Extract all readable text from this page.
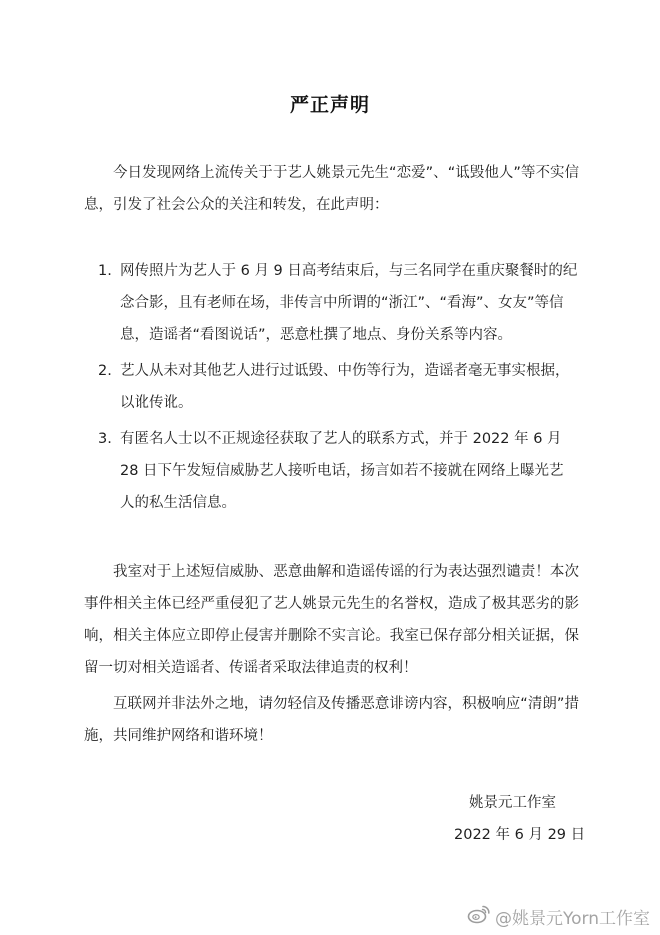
严正声明

今日发现网络上流传关于于艺人姚景元先生“恋爱”、“诋毁他人”等不实信息，引发了社会公众的关注和转发，在此声明：

1. 网传照片为艺人于 6 月 9 日高考结束后，与三名同学在重庆聚餐时的纪念合影，且有老师在场，非传言中所谓的“浙江”、“看海”、女友”等信息，造谣者“看图说话”，恶意杜撰了地点、身份关系等内容。
2. 艺人从未对其他艺人进行过诋毁、中伤等行为，造谣者毫无事实根据，以讹传讹。
3. 有匿名人士以不正规途径获取了艺人的联系方式，并于 2022 年 6 月 28 日下午发短信威胁艺人接听电话，扬言如若不接就在网络上曝光艺人的私生活信息。

我室对于上述短信威胁、恶意曲解和造谣传谣的行为表达强烈谴责！本次事件相关主体已经严重侵犯了艺人姚景元先生的名誉权，造成了极其恶劣的影响，相关主体应立即停止侵害并删除不实言论。我室已保存部分相关证据，保留一切对相关造谣者、传谣者采取法律追责的权利！

互联网并非法外之地，请勿轻信及传播恶意诽谤内容，积极响应“清朗”措施，共同维护网络和谐环境！

姚景元工作室
2022 年 6 月 29 日
@姚景元Yorn工作室
